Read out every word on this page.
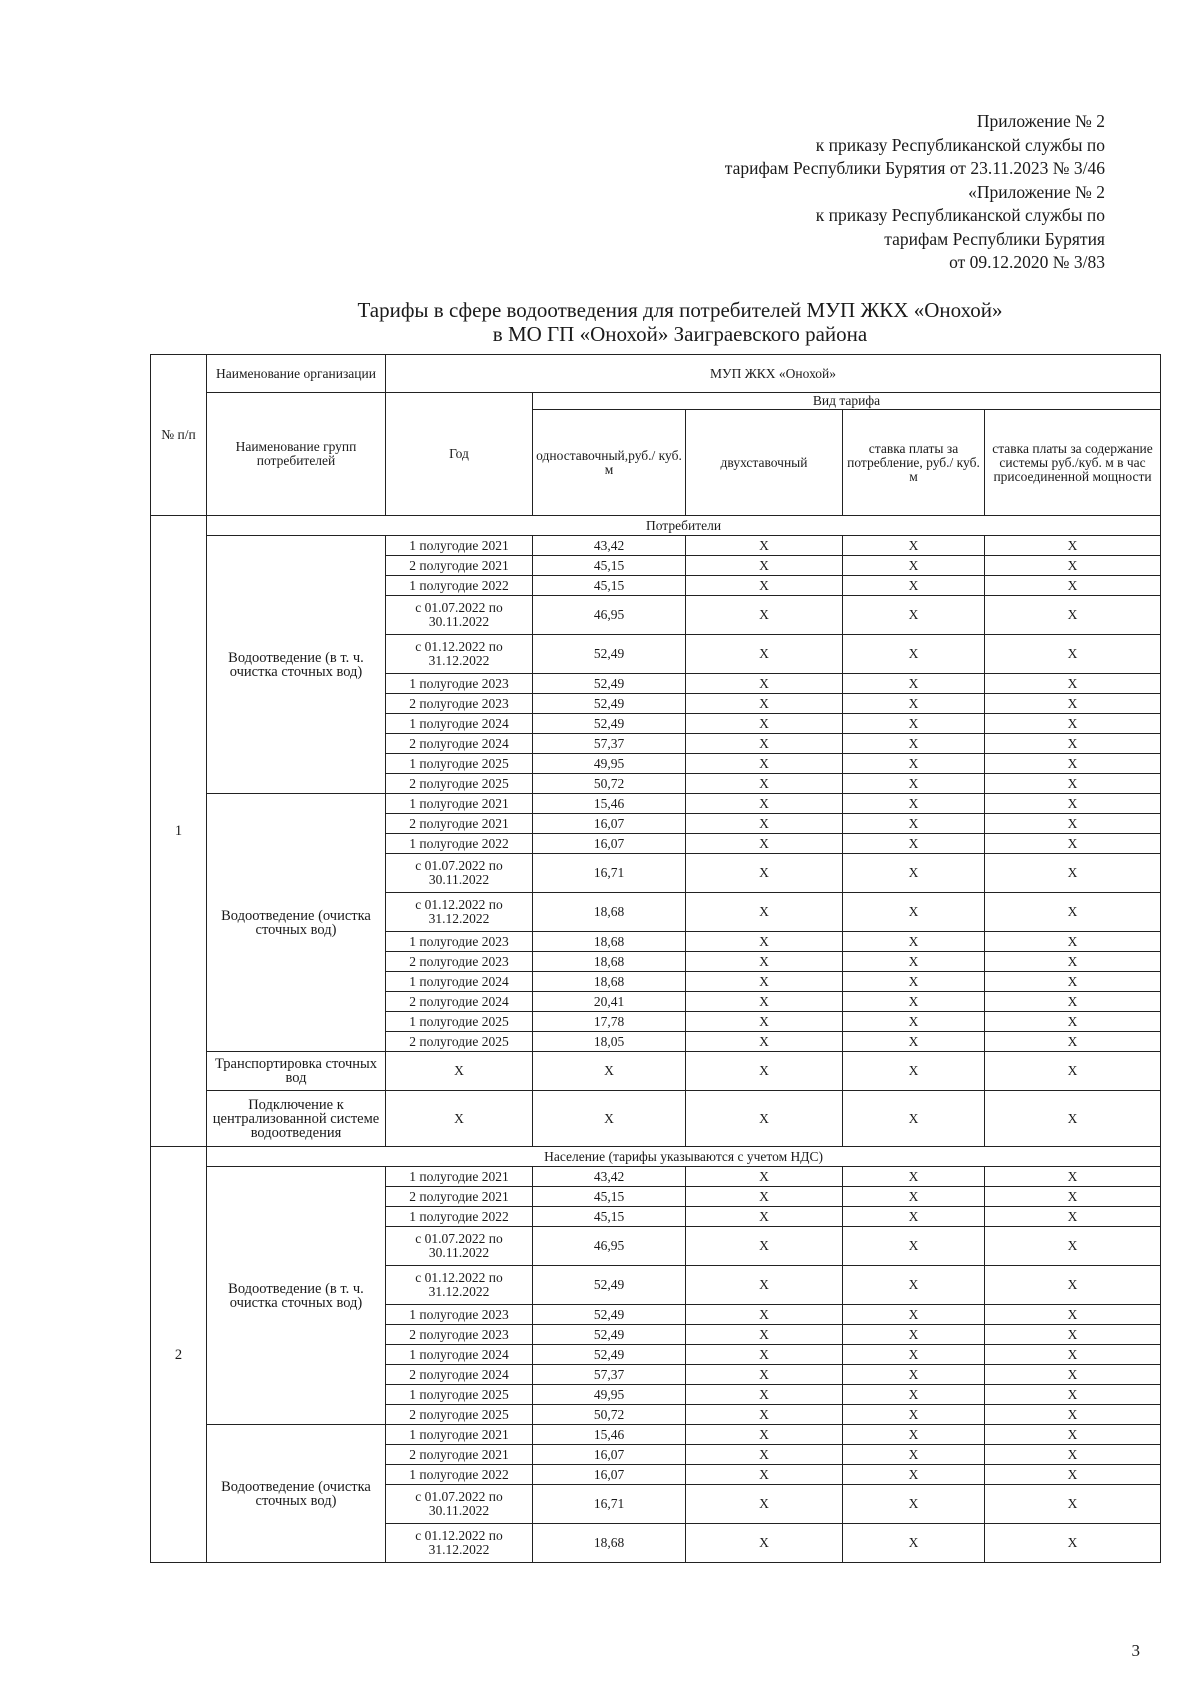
Приложение № 2
к приказу Республиканской службы по
тарифам Республики Бурятия от 23.11.2023 № 3/46
«Приложение № 2
к приказу Республиканской службы по
тарифам Республики Бурятия
от 09.12.2020 № 3/83
Тарифы в сфере водоотведения для потребителей МУП ЖКХ «Онохой»
в МО ГП «Онохой» Заиграевского района
№ п/п	Наименование организации	МУП ЖКХ «Онохой»				
	Наименование групп потребителей	Год	Вид тарифа			
			одноставочный,руб./ куб. м	двухставочный	ставка платы за потребление, руб./ куб. м	ставка платы за содержание системы руб./куб. м в час присоединенной мощности
1	Потребители					
	Водоотведение (в т. ч. очистка сточных вод)	1 полугодие 2021	43,42	X	X	X
		2 полугодие 2021	45,15	X	X	X
		1 полугодие 2022	45,15	X	X	X
		с 01.07.2022 по 30.11.2022	46,95	X	X	X
		с 01.12.2022 по 31.12.2022	52,49	X	X	X
		1 полугодие 2023	52,49	X	X	X
		2 полугодие 2023	52,49	X	X	X
		1 полугодие 2024	52,49	X	X	X
		2 полугодие 2024	57,37	X	X	X
		1 полугодие 2025	49,95	X	X	X
		2 полугодие 2025	50,72	X	X	X
	Водоотведение (очистка сточных вод)	1 полугодие 2021	15,46	X	X	X
		2 полугодие 2021	16,07	X	X	X
		1 полугодие 2022	16,07	X	X	X
		с 01.07.2022 по 30.11.2022	16,71	X	X	X
		с 01.12.2022 по 31.12.2022	18,68	X	X	X
		1 полугодие 2023	18,68	X	X	X
		2 полугодие 2023	18,68	X	X	X
		1 полугодие 2024	18,68	X	X	X
		2 полугодие 2024	20,41	X	X	X
		1 полугодие 2025	17,78	X	X	X
		2 полугодие 2025	18,05	X	X	X
	Транспортировка сточных вод	X	X	X	X	X
	Подключение к централизованной системе водоотведения	X	X	X	X	X
2	Население (тарифы указываются с учетом НДС)					
	Водоотведение (в т. ч. очистка сточных вод)	1 полугодие 2021	43,42	X	X	X
		2 полугодие 2021	45,15	X	X	X
		1 полугодие 2022	45,15	X	X	X
		с 01.07.2022 по 30.11.2022	46,95	X	X	X
		с 01.12.2022 по 31.12.2022	52,49	X	X	X
		1 полугодие 2023	52,49	X	X	X
		2 полугодие 2023	52,49	X	X	X
		1 полугодие 2024	52,49	X	X	X
		2 полугодие 2024	57,37	X	X	X
		1 полугодие 2025	49,95	X	X	X
		2 полугодие 2025	50,72	X	X	X
	Водоотведение (очистка сточных вод)	1 полугодие 2021	15,46	X	X	X
		2 полугодие 2021	16,07	X	X	X
		1 полугодие 2022	16,07	X	X	X
		с 01.07.2022 по 30.11.2022	16,71	X	X	X
		с 01.12.2022 по 31.12.2022	18,68	X	X	X
3
